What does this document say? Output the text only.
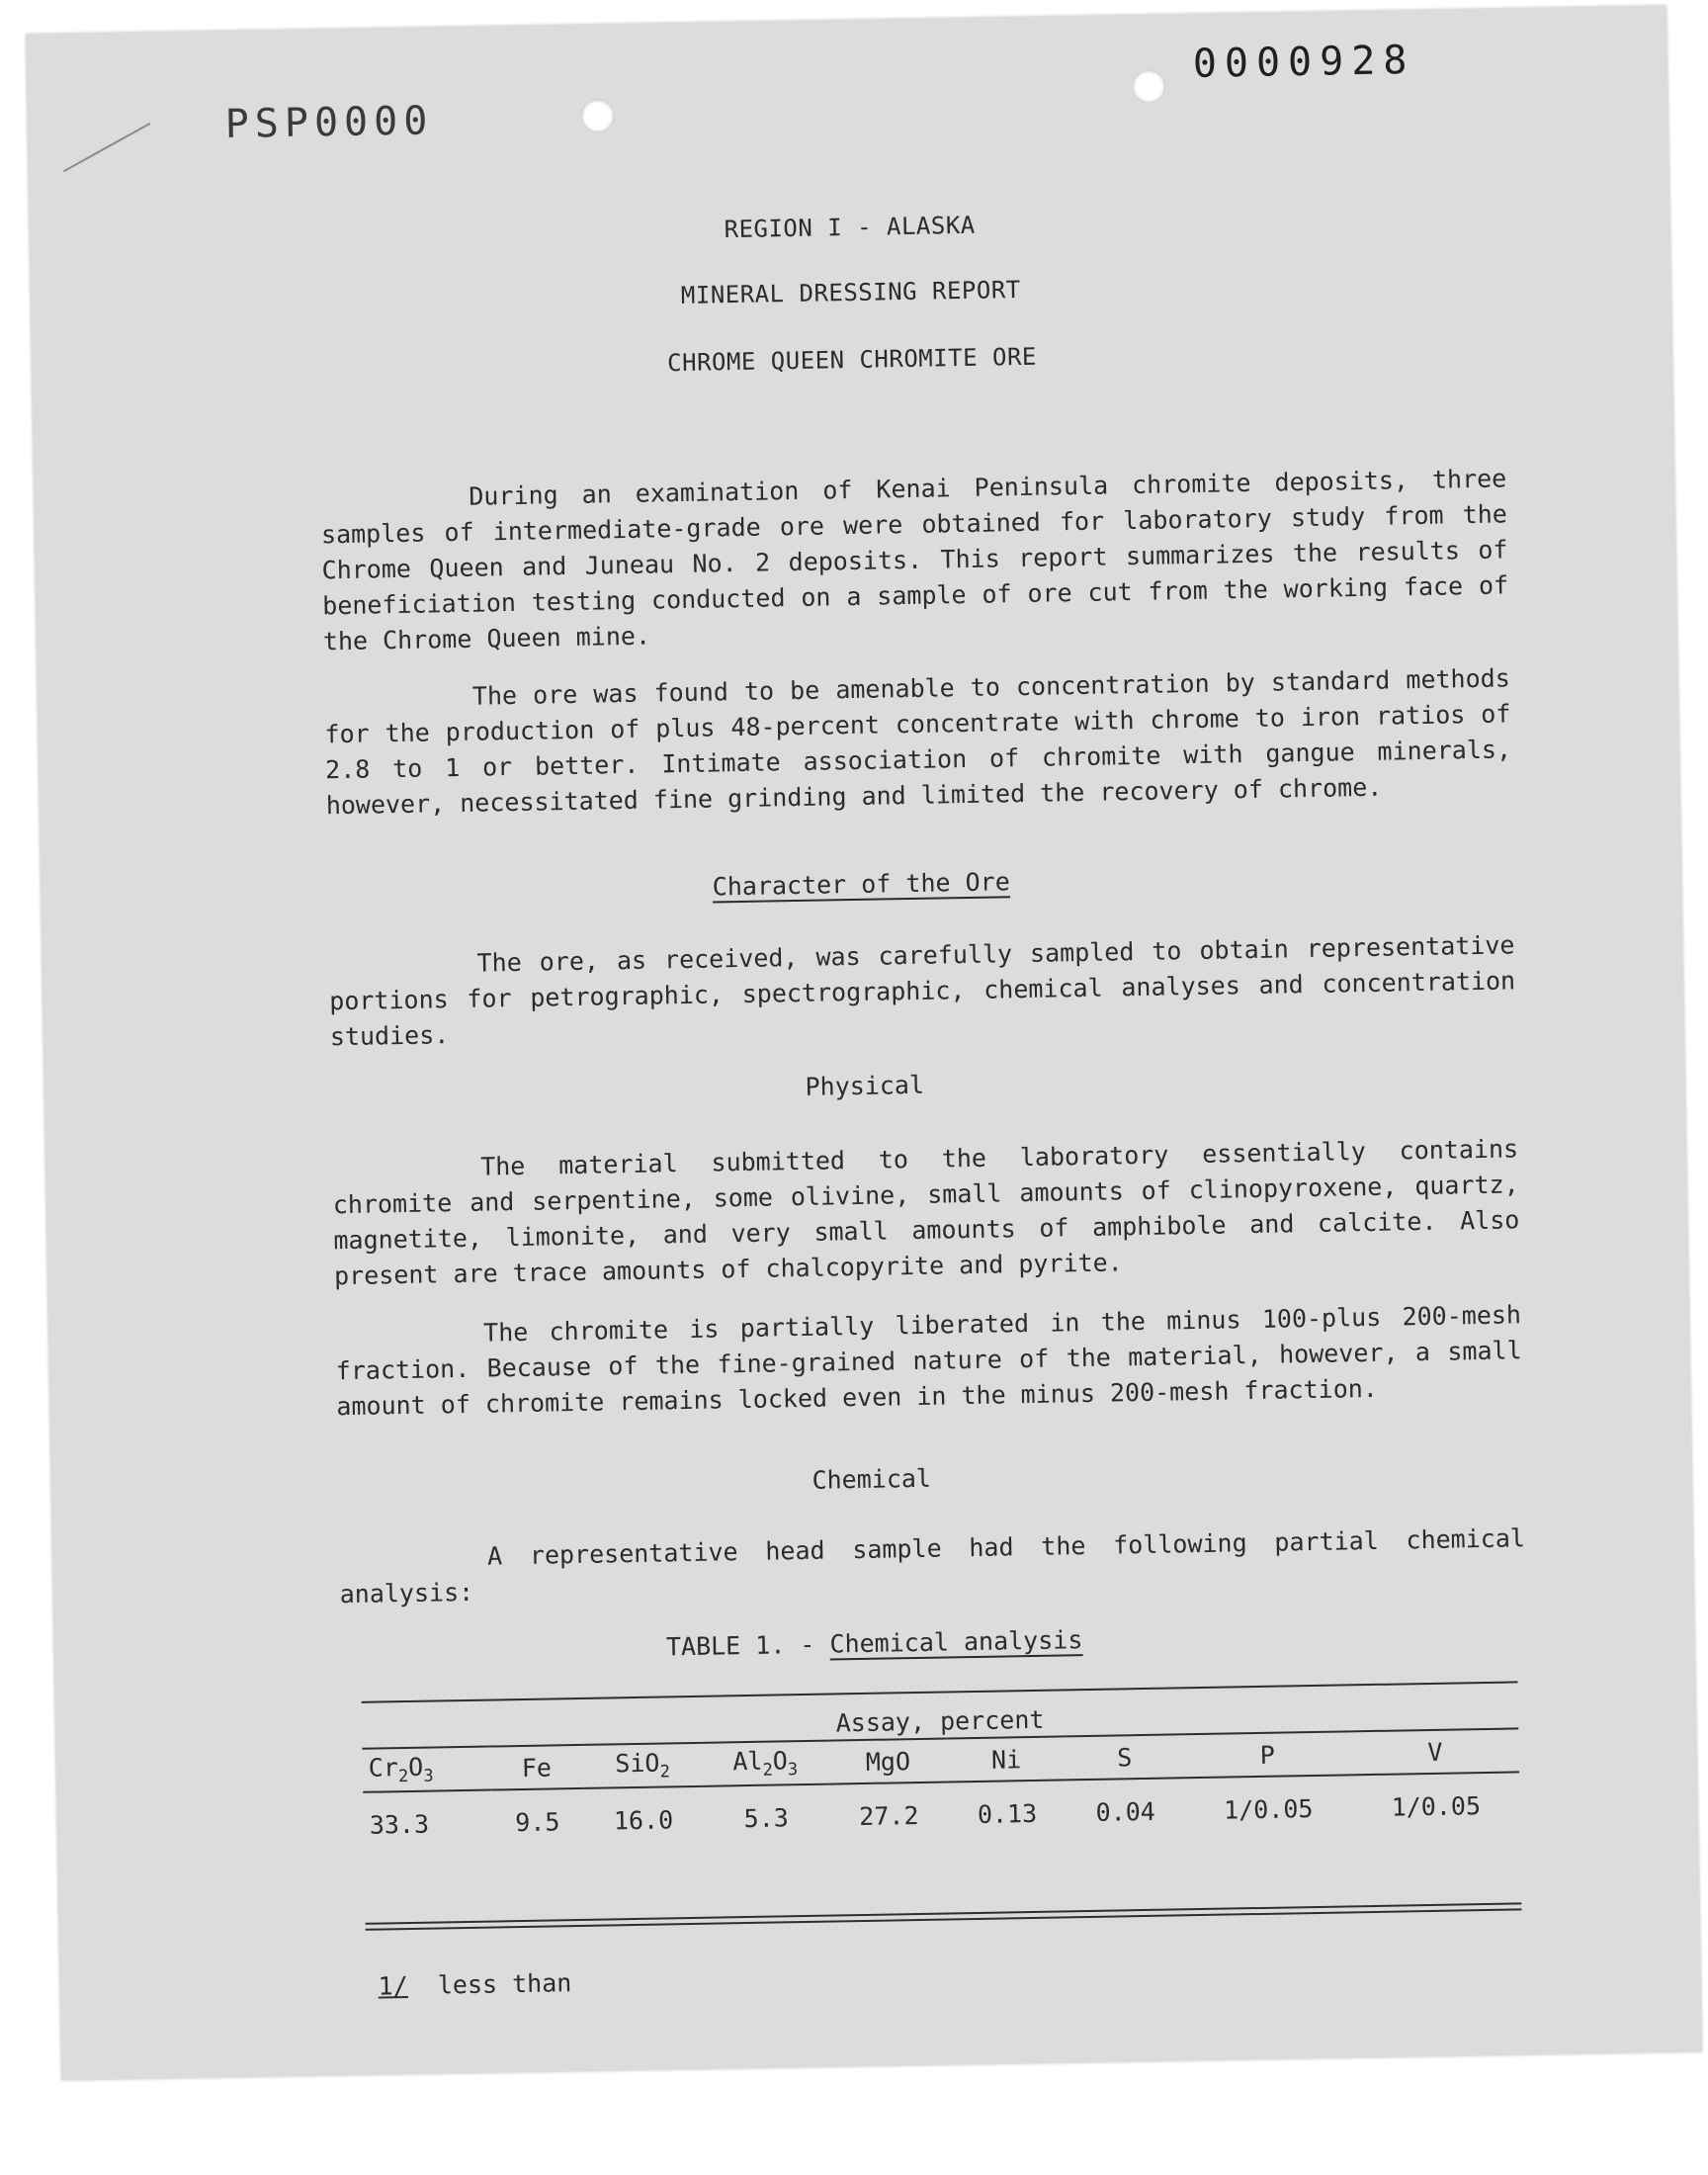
PSP0000
0000928
REGION I - ALASKA
MINERAL DRESSING REPORT
CHROME QUEEN CHROMITE ORE
During an examination of Kenai Peninsula chromite deposits, three samples of intermediate-grade ore were obtained for laboratory study from the Chrome Queen and Juneau No. 2 deposits. This report summarizes the results of beneficiation testing conducted on a sample of ore cut from the working face of the Chrome Queen mine.
The ore was found to be amenable to concentration by standard methods for the production of plus 48-percent concentrate with chrome to iron ratios of 2.8 to 1 or better. Intimate association of chromite with gangue minerals, however, necessitated fine grinding and limited the recovery of chrome.
Character of the Ore
The ore, as received, was carefully sampled to obtain representative portions for petrographic, spectrographic, chemical analyses and concentration studies.
Physical
The material submitted to the laboratory essentially contains chromite and serpentine, some olivine, small amounts of clinopyroxene, quartz, magnetite, limonite, and very small amounts of amphibole and calcite. Also present are trace amounts of chalcopyrite and pyrite.
The chromite is partially liberated in the minus 100-plus 200-mesh fraction. Because of the fine-grained nature of the material, however, a small amount of chromite remains locked even in the minus 200-mesh fraction.
Chemical
A representative head sample had the following partial chemical analysis:
TABLE 1. - Chemical analysis
Assay, percent								
$Cr_2O_3$	Fe	SiO$_2$	$Al_2O_3$	MgO	Ni	S	P	V
33.3	9.5	16.0	5.3	27.2	0.13	0.04	1/0.05	1/0.05
1/ less than
